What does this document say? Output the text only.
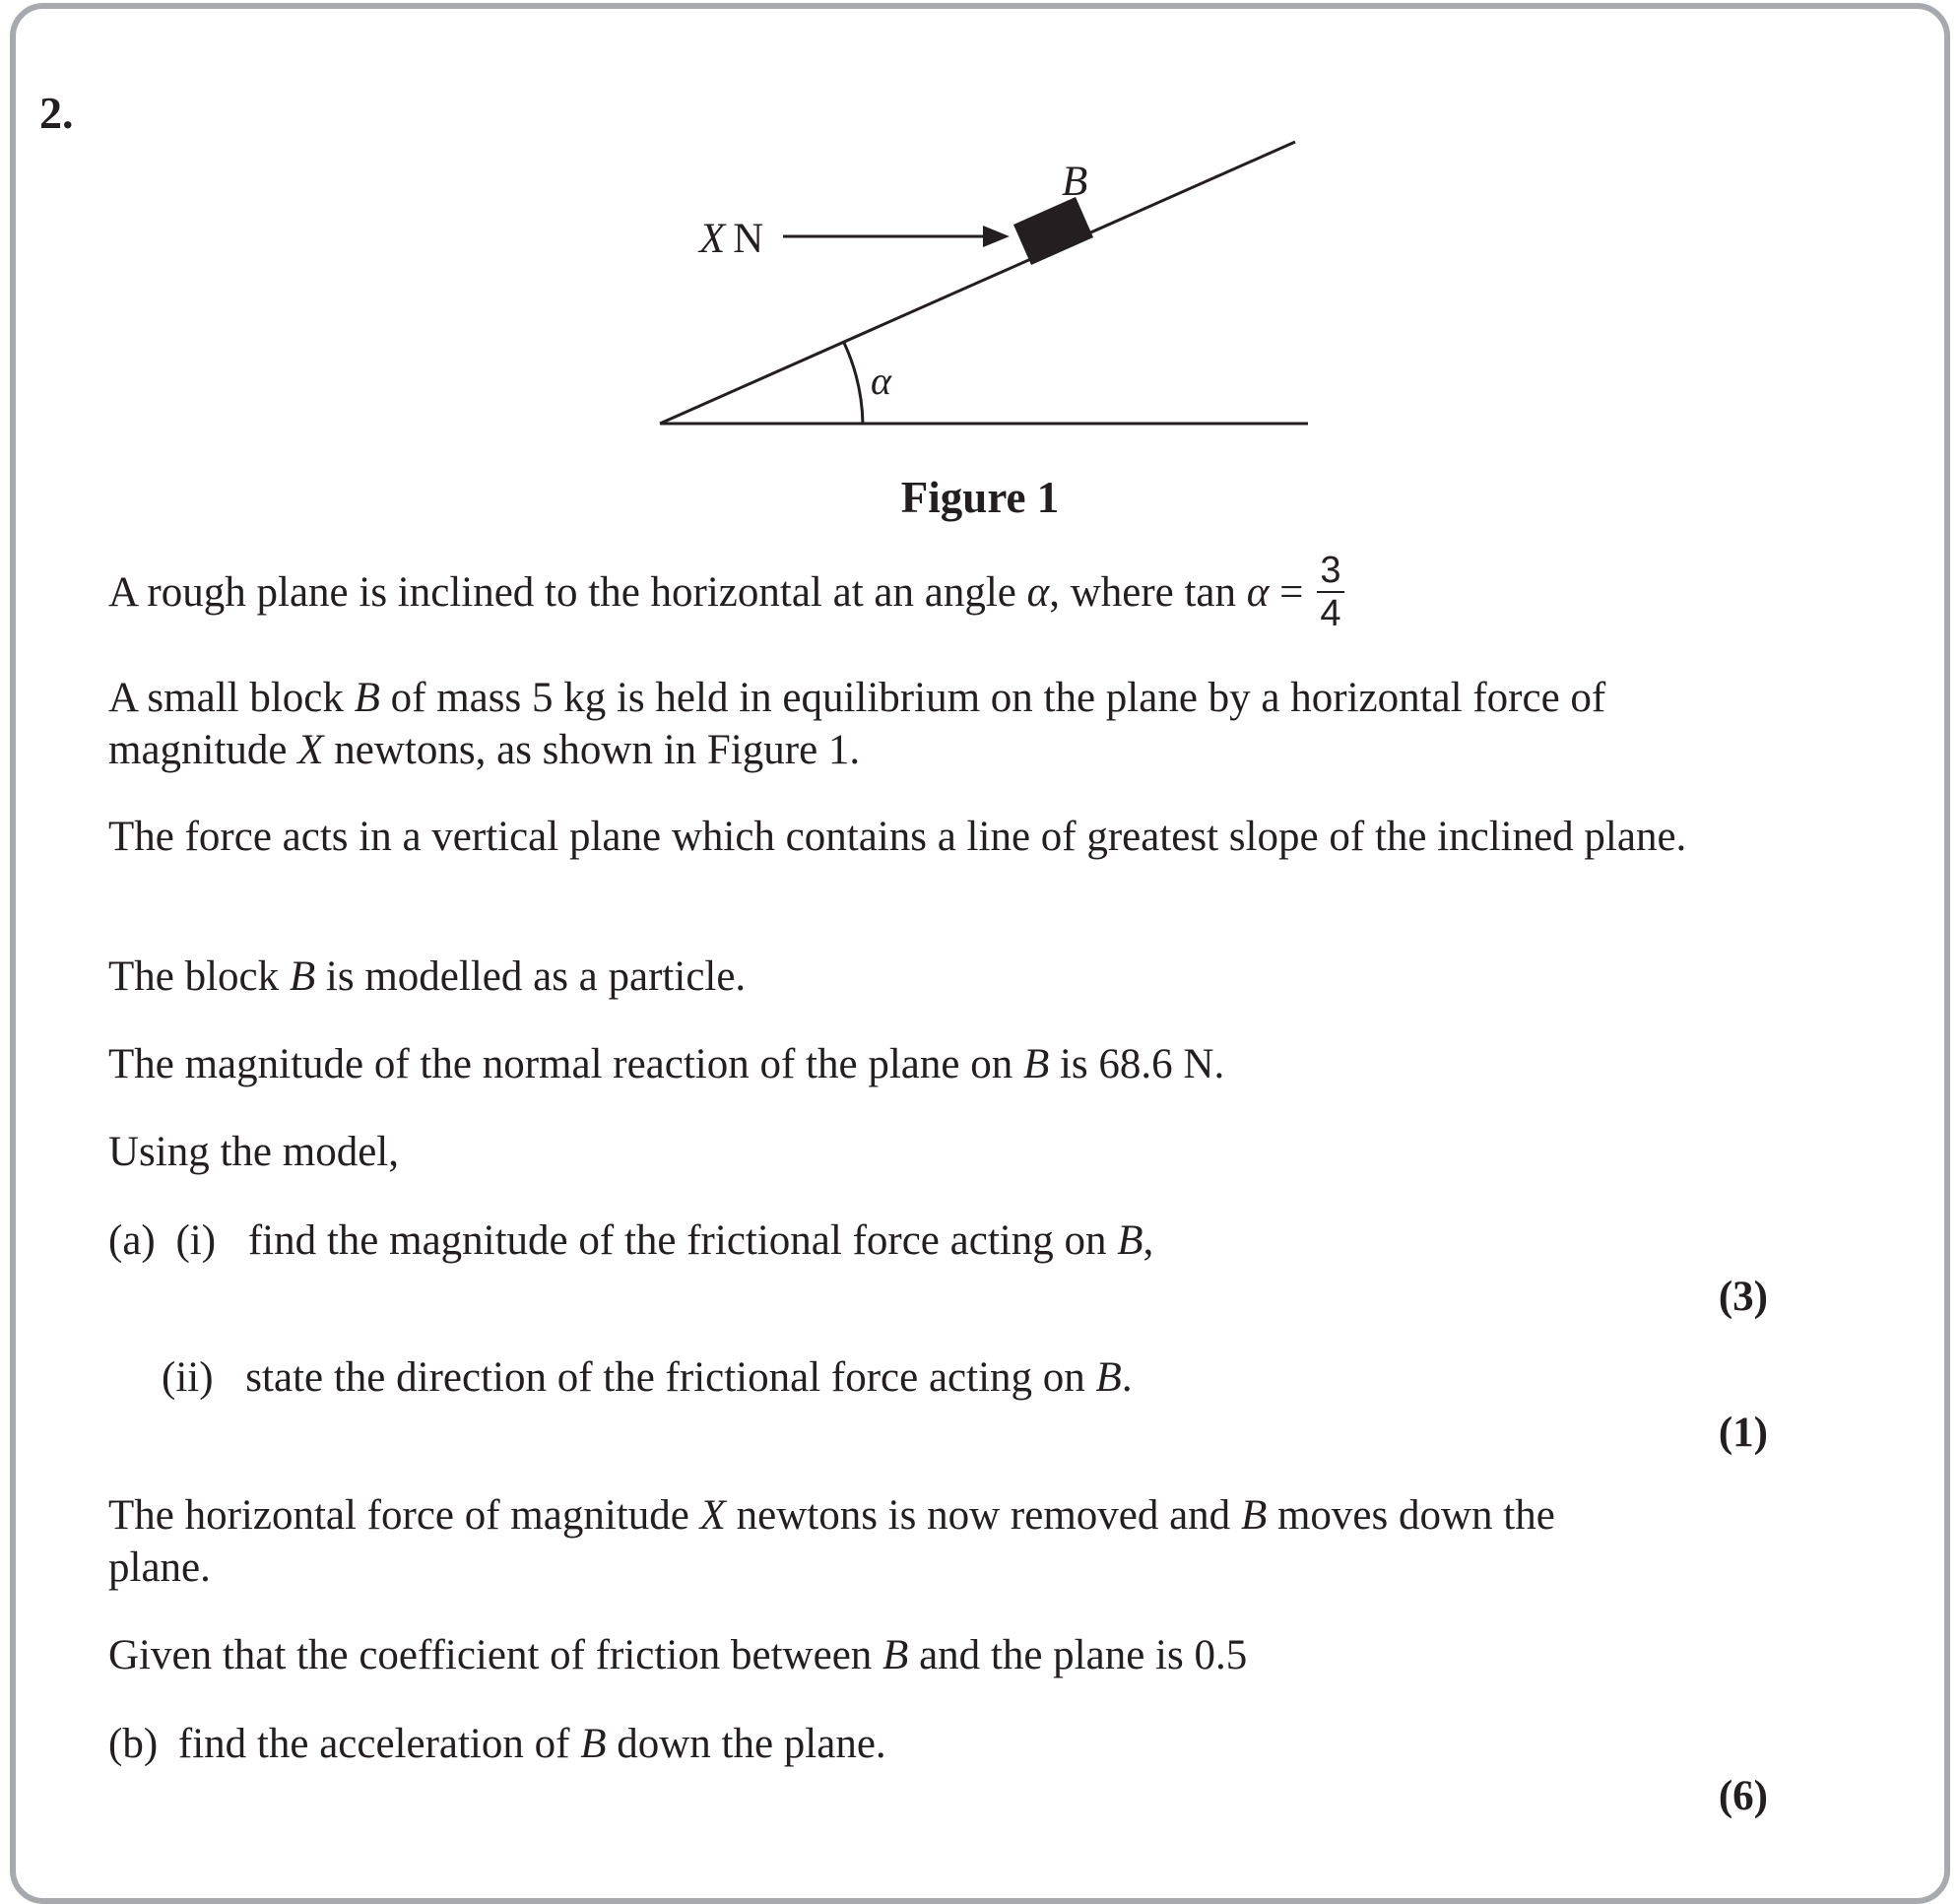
2.
X N
B
α
Figure 1

A rough plane is inclined to the horizontal at an angle α, where $\tan \alpha = \frac{3}{4}$

A small block B of mass 5 kg is held in equilibrium on the plane by a horizontal force of magnitude X newtons, as shown in Figure 1.

The force acts in a vertical plane which contains a line of greatest slope of the inclined plane.

The block B is modelled as a particle.

The magnitude of the normal reaction of the plane on B is 68.6 N.

Using the model,

(a) (i) find the magnitude of the frictional force acting on B,
(3)
(ii) state the direction of the frictional force acting on B.
(1)

The horizontal force of magnitude X newtons is now removed and B moves down the plane.

Given that the coefficient of friction between B and the plane is 0.5

(b) find the acceleration of B down the plane.
(6)
